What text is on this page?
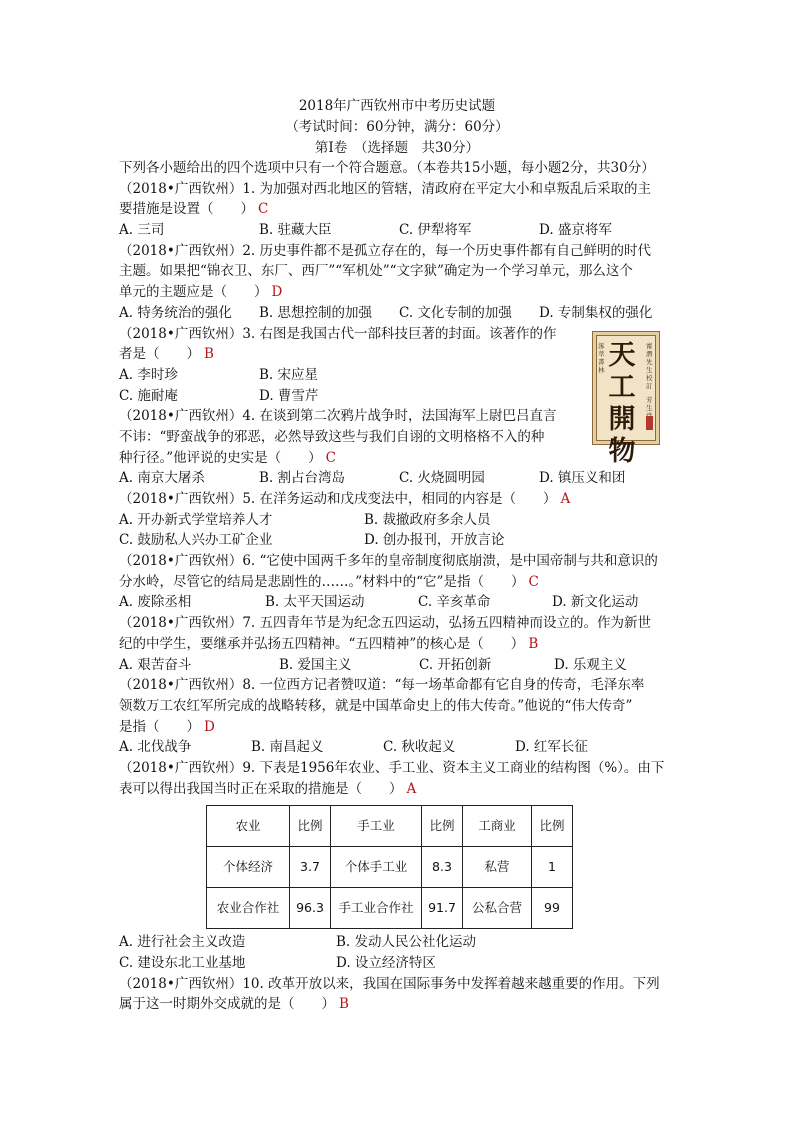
2018年广西钦州市中考历史试题
（考试时间：60分钟，满分：60分）
第Ⅰ卷　（选择题　共30分）
甯潛先生校訂
涿萃書林
芳生
天工開物
下列各小题给出的四个选项中只有一个符合题意。（本卷共15小题，每小题2分，共30分）
（2018•广西钦州）1. 为加强对西北地区的管辖，清政府在平定大小和卓叛乱后采取的主
要措施是设置（　　） C
A. 三司	B. 驻藏大臣	C. 伊犁将军	D. 盛京将军
（2018•广西钦州）2. 历史事件都不是孤立存在的，每一个历史事件都有自己鲜明的时代
主题。如果把“锦衣卫、东厂、西厂”“军机处”“文字狱”确定为一个学习单元，那么这个
单元的主题应是（　　） D
A. 特务统治的强化	B. 思想控制的加强	C. 文化专制的加强	D. 专制集权的强化
（2018•广西钦州）3. 右图是我国古代一部科技巨著的封面。该著作的作
者是（　　） B
A. 李时珍	B. 宋应星
C. 施耐庵	D. 曹雪芹
（2018•广西钦州）4. 在谈到第二次鸦片战争时，法国海军上尉巴吕直言
不讳：“野蛮战争的邪恶，必然导致这些与我们自诩的文明格格不入的种
种行径。”他评说的史实是（　　） C
A. 南京大屠杀	B. 割占台湾岛	C. 火烧圆明园	D. 镇压义和团
（2018•广西钦州）5. 在洋务运动和戊戌变法中，相同的内容是（　　） A
A. 开办新式学堂培养人才	B. 裁撤政府多余人员
C. 鼓励私人兴办工矿企业	D. 创办报刊，开放言论
（2018•广西钦州）6. “它使中国两千多年的皇帝制度彻底崩溃，是中国帝制与共和意识的
分水岭，尽管它的结局是悲剧性的……。”材料中的“它”是指（　　） C
A. 废除丞相	B. 太平天国运动	C. 辛亥革命	D. 新文化运动
（2018•广西钦州）7. 五四青年节是为纪念五四运动，弘扬五四精神而设立的。作为新世
纪的中学生，要继承并弘扬五四精神。“五四精神”的核心是（　　） B
A. 艰苦奋斗	B. 爱国主义	C. 开拓创新	D. 乐观主义
（2018•广西钦州）8. 一位西方记者赞叹道：“每一场革命都有它自身的传奇，毛泽东率
领数万工农红军所完成的战略转移，就是中国革命史上的伟大传奇。”他说的“伟大传奇”
是指（　　） D
A. 北伐战争	B. 南昌起义	C. 秋收起义	D. 红军长征
（2018•广西钦州）9. 下表是1956年农业、手工业、资本主义工商业的结构图（%）。由下
表可以得出我国当时正在采取的措施是（　　） A
农业	比例	手工业	比例	工商业	比例
个体经济	3.7	个体手工业	8.3	私营	1
农业合作社	96.3	手工业合作社	91.7	公私合营	99
A. 进行社会主义改造	B. 发动人民公社化运动
C. 建设东北工业基地	D. 设立经济特区
（2018•广西钦州）10. 改革开放以来，我国在国际事务中发挥着越来越重要的作用。下列
属于这一时期外交成就的是（　　） B
